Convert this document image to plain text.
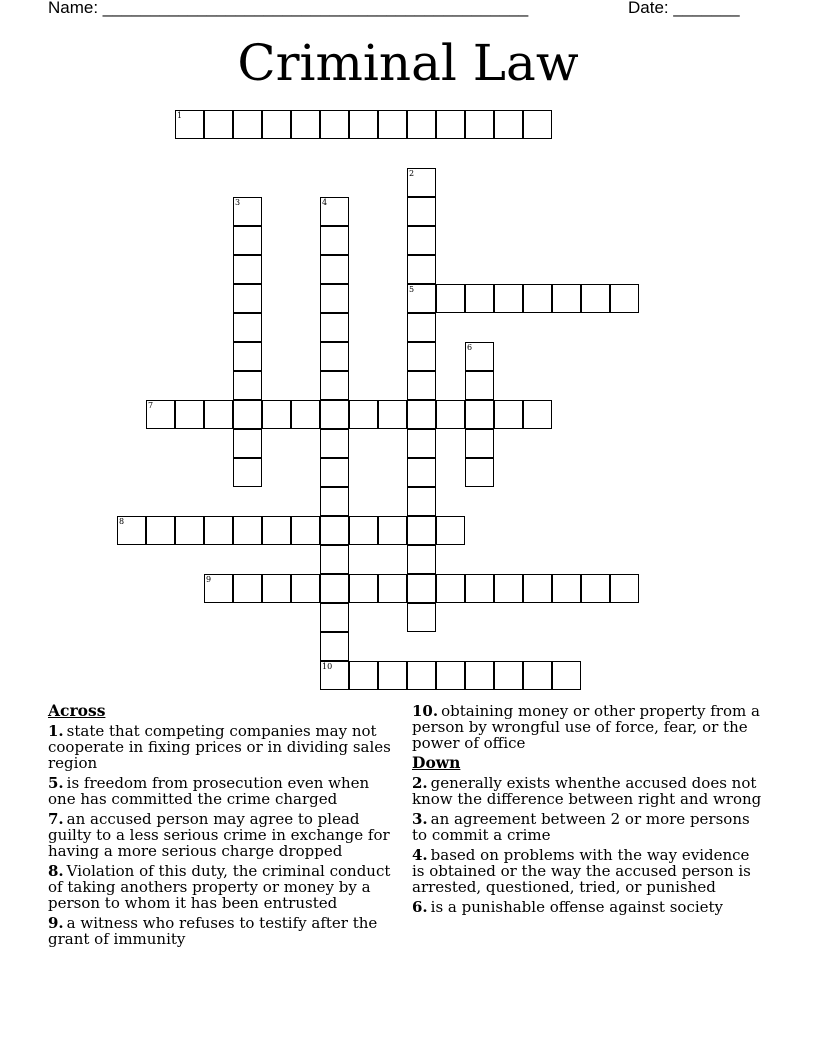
Name: _____________________________________________	Date: _______
Criminal Law
1
2
5
3	4
10
6
7
8
9
Across
1. state that competing companies may not cooperate in fixing prices or in dividing sales region
5. is freedom from prosecution even when one has committed the crime charged
7. an accused person may agree to plead guilty to a less serious crime in exchange for having a more serious charge dropped
8. Violation of this duty, the criminal conduct of taking anothers property or money by a person to whom it has been entrusted
9. a witness who refuses to testify after the grant of immunity
10. obtaining money or other property from a person by wrongful use of force, fear, or the power of office
Down
2. generally exists whenthe accused does not know the difference between right and wrong
3. an agreement between 2 or more persons to commit a crime
4. based on problems with the way evidence is obtained or the way the accused person is arrested, questioned, tried, or punished
6. is a punishable offense against society
